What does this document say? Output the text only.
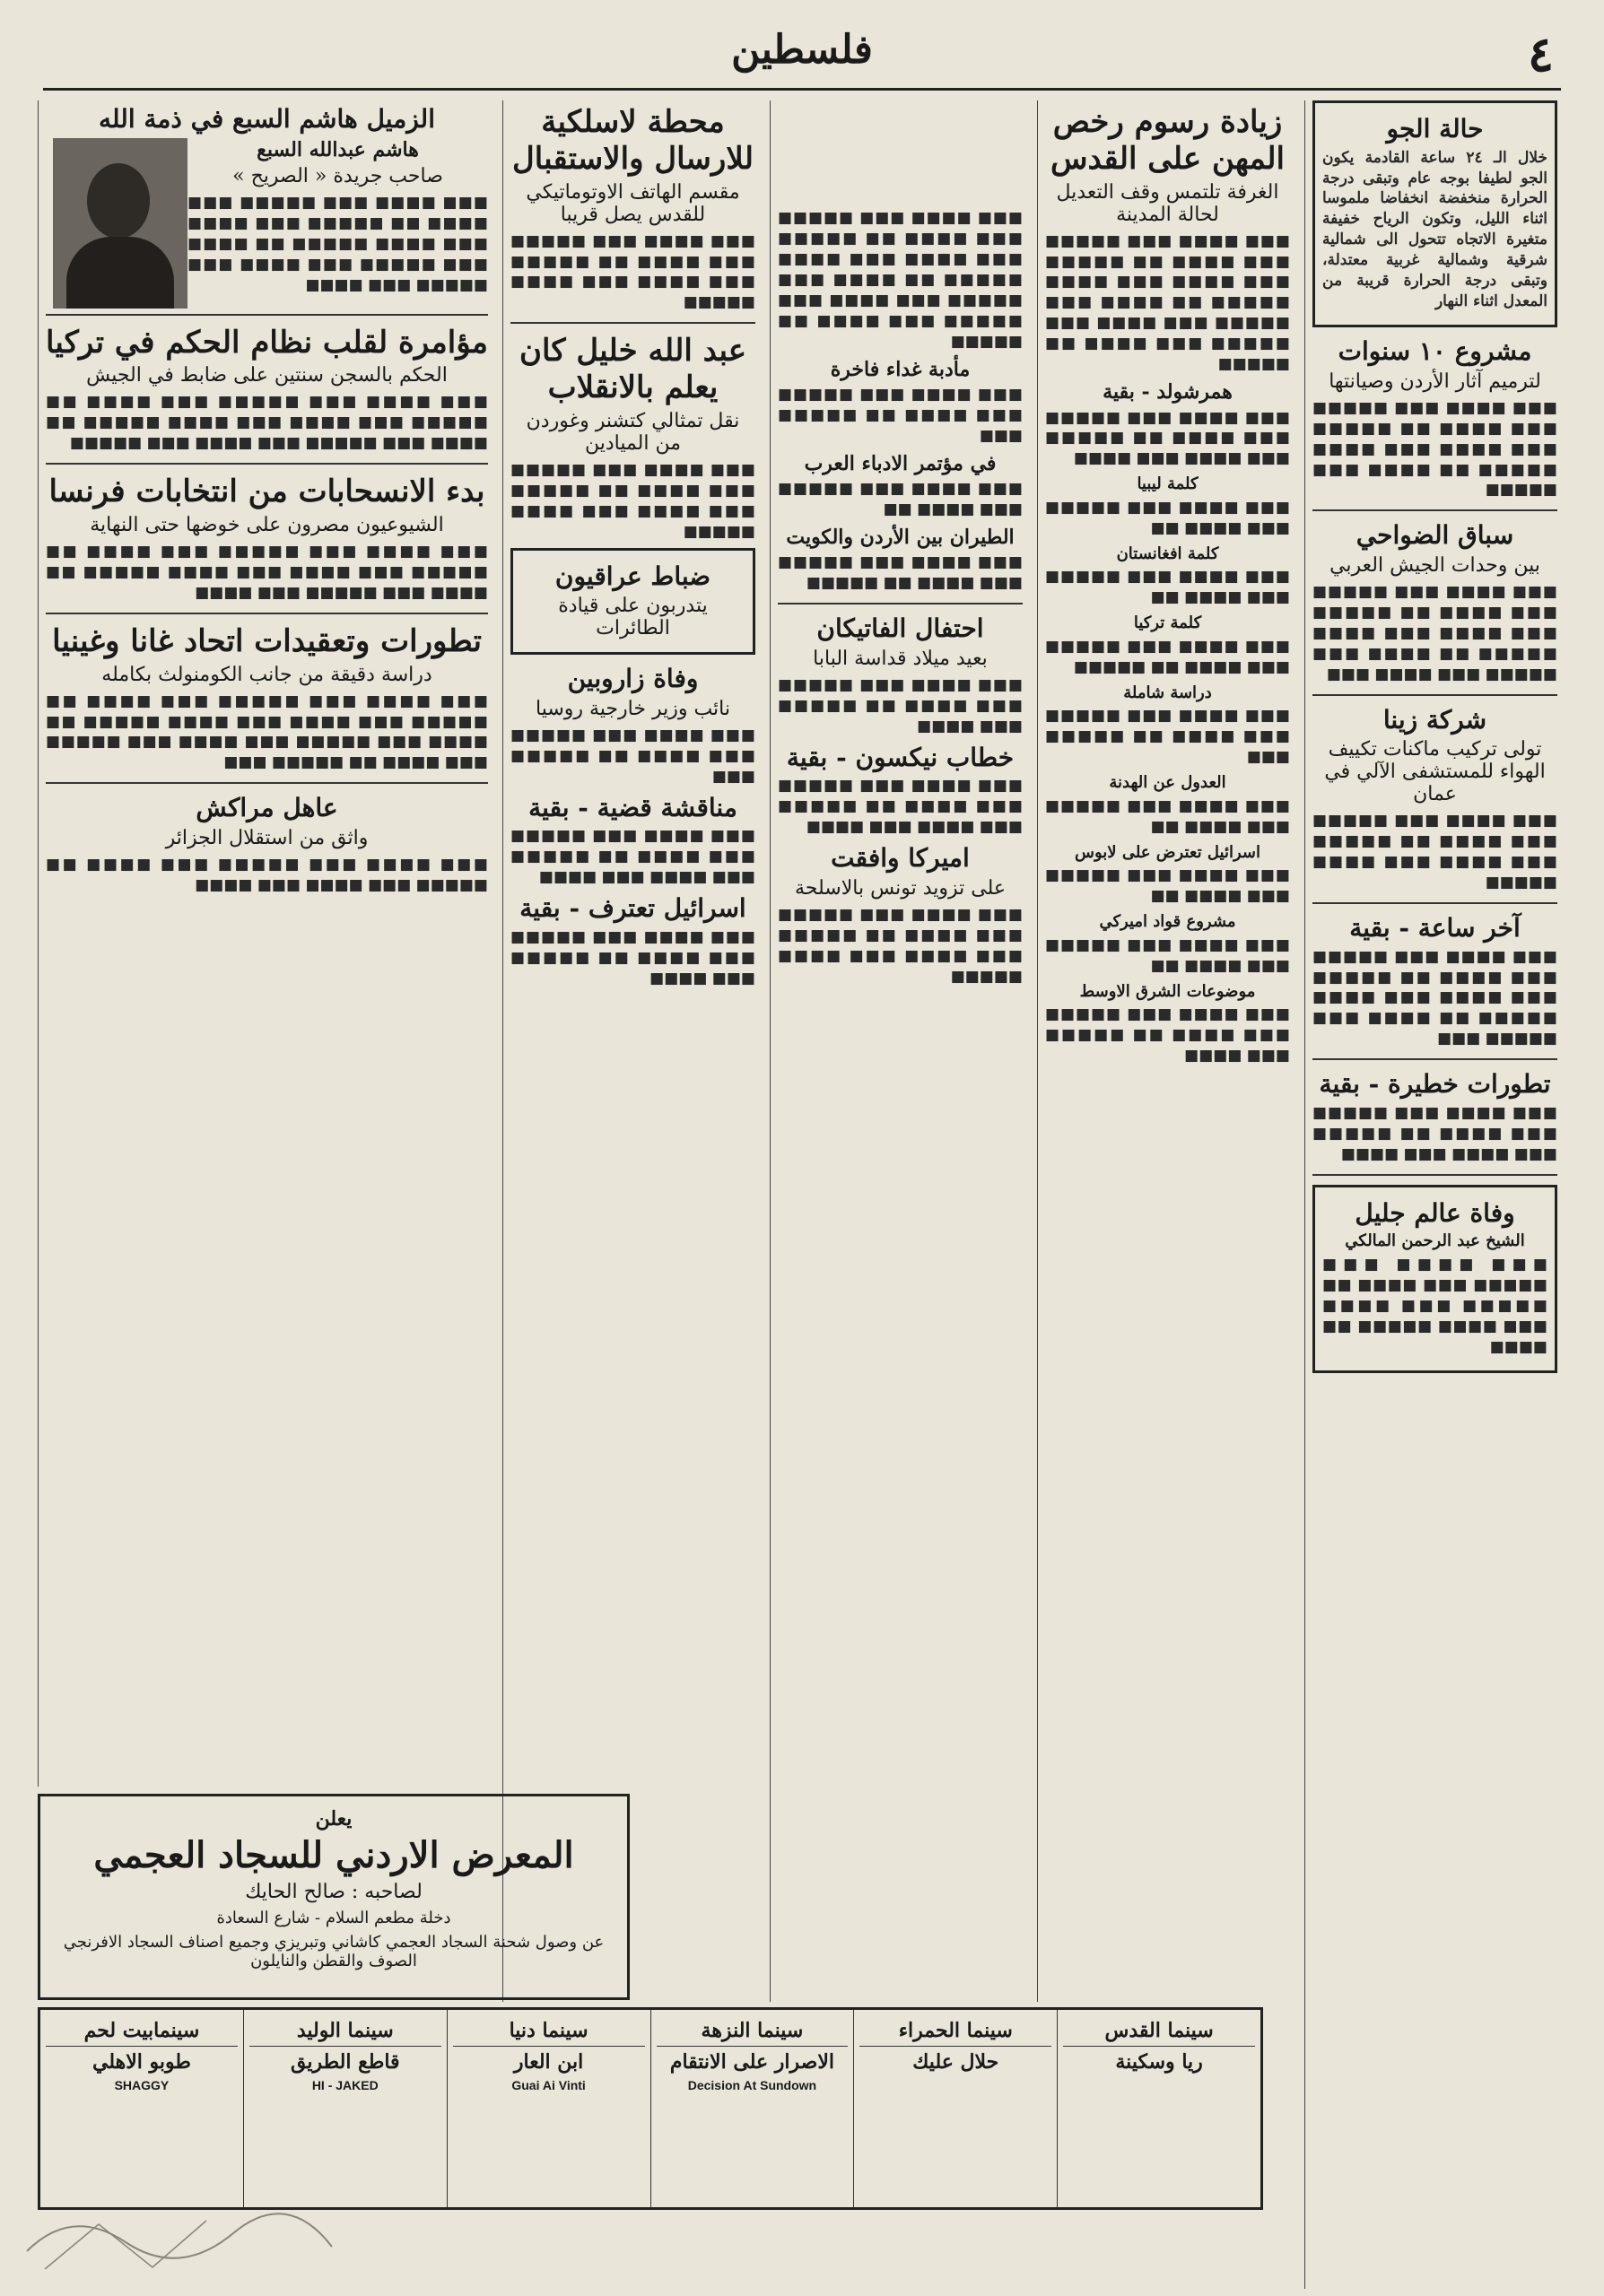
٤
فلسطين
حالة الجو

خلال الـ ٢٤ ساعة القادمة يكون الجو لطيفا بوجه عام وتبقى درجة الحرارة منخفضة انخفاضا ملموسا اثناء الليل، وتكون الرياح خفيفة متغيرة الاتجاه تتحول الى شمالية شرقية وشمالية غربية معتدلة، وتبقى درجة الحرارة قريبة من المعدل اثناء النهار

مشروع ١٠ سنوات
لترميم آثار الأردن وصيانتها

■■■ ■■■■ ■■■ ■■■■■ ■■■ ■■■■ ■■ ■■■■■ ■■■ ■■■■ ■■■ ■■■■ ■■■■■ ■■ ■■■■ ■■■ ■■■■■

سباق الضواحي
بين وحدات الجيش العربي

■■■ ■■■■ ■■■ ■■■■■ ■■■ ■■■■ ■■ ■■■■■ ■■■ ■■■■ ■■■ ■■■■ ■■■■■ ■■ ■■■■ ■■■ ■■■■■ ■■■ ■■■■ ■■■

شركة زينا
تولى تركيب ماكنات تكييف الهواء للمستشفى الآلي في عمان

■■■ ■■■■ ■■■ ■■■■■ ■■■ ■■■■ ■■ ■■■■■ ■■■ ■■■■ ■■■ ■■■■ ■■■■■

آخر ساعة - بقية

■■■ ■■■■ ■■■ ■■■■■ ■■■ ■■■■ ■■ ■■■■■ ■■■ ■■■■ ■■■ ■■■■ ■■■■■ ■■ ■■■■ ■■■ ■■■■■ ■■■

تطورات خطيرة - بقية

■■■ ■■■■ ■■■ ■■■■■ ■■■ ■■■■ ■■ ■■■■■ ■■■ ■■■■ ■■■ ■■■■

وفاة عالم جليل
الشيخ عبد الرحمن المالكي

■■■ ■■■■ ■■■ ■■■■■ ■■■ ■■■■ ■■ ■■■■■ ■■■ ■■■■ ■■■ ■■■■ ■■■■■ ■■ ■■■■

زيادة رسوم رخص المهن على القدس
الغرفة تلتمس وقف التعديل لحالة المدينة

■■■ ■■■■ ■■■ ■■■■■ ■■■ ■■■■ ■■ ■■■■■ ■■■ ■■■■ ■■■ ■■■■ ■■■■■ ■■ ■■■■ ■■■ ■■■■■ ■■■ ■■■■ ■■■ ■■■■■ ■■■ ■■■■ ■■ ■■■■■

همرشولد - بقية

■■■ ■■■■ ■■■ ■■■■■ ■■■ ■■■■ ■■ ■■■■■ ■■■ ■■■■ ■■■ ■■■■

كلمة ليبيا

■■■ ■■■■ ■■■ ■■■■■ ■■■ ■■■■ ■■

كلمة افغانستان

■■■ ■■■■ ■■■ ■■■■■ ■■■ ■■■■ ■■

كلمة تركيا

■■■ ■■■■ ■■■ ■■■■■ ■■■ ■■■■ ■■ ■■■■■

دراسة شاملة

■■■ ■■■■ ■■■ ■■■■■ ■■■ ■■■■ ■■ ■■■■■ ■■■

العدول عن الهدنة

■■■ ■■■■ ■■■ ■■■■■ ■■■ ■■■■ ■■

اسرائيل تعترض على لابوس

■■■ ■■■■ ■■■ ■■■■■ ■■■ ■■■■ ■■

مشروع قواد اميركي

■■■ ■■■■ ■■■ ■■■■■ ■■■ ■■■■ ■■

موضوعات الشرق الاوسط

■■■ ■■■■ ■■■ ■■■■■ ■■■ ■■■■ ■■ ■■■■■ ■■■ ■■■■

■■■ ■■■■ ■■■ ■■■■■ ■■■ ■■■■ ■■ ■■■■■ ■■■ ■■■■ ■■■ ■■■■ ■■■■■ ■■ ■■■■ ■■■ ■■■■■ ■■■ ■■■■ ■■■ ■■■■■ ■■■ ■■■■ ■■ ■■■■■

مأدبة غداء فاخرة

■■■ ■■■■ ■■■ ■■■■■ ■■■ ■■■■ ■■ ■■■■■ ■■■

في مؤتمر الادباء العرب

■■■ ■■■■ ■■■ ■■■■■ ■■■ ■■■■ ■■

الطيران بين الأردن والكويت

■■■ ■■■■ ■■■ ■■■■■ ■■■ ■■■■ ■■ ■■■■■

احتفال الفاتيكان
بعيد ميلاد قداسة البابا

■■■ ■■■■ ■■■ ■■■■■ ■■■ ■■■■ ■■ ■■■■■ ■■■ ■■■■

خطاب نيكسون - بقية

■■■ ■■■■ ■■■ ■■■■■ ■■■ ■■■■ ■■ ■■■■■ ■■■ ■■■■ ■■■ ■■■■

اميركا وافقت
على تزويد تونس بالاسلحة

■■■ ■■■■ ■■■ ■■■■■ ■■■ ■■■■ ■■ ■■■■■ ■■■ ■■■■ ■■■ ■■■■ ■■■■■

محطة لاسلكية للارسال والاستقبال
مقسم الهاتف الاوتوماتيكي للقدس يصل قريبا

■■■ ■■■■ ■■■ ■■■■■ ■■■ ■■■■ ■■ ■■■■■ ■■■ ■■■■ ■■■ ■■■■ ■■■■■

عبد الله خليل كان يعلم بالانقلاب
نقل تمثالي كتشنر وغوردن من الميادين

■■■ ■■■■ ■■■ ■■■■■ ■■■ ■■■■ ■■ ■■■■■ ■■■ ■■■■ ■■■ ■■■■ ■■■■■

ضباط عراقيون
يتدربون على قيادة الطائرات
وفاة زاروبين
نائب وزير خارجية روسيا

■■■ ■■■■ ■■■ ■■■■■ ■■■ ■■■■ ■■ ■■■■■ ■■■

مناقشة قضية - بقية

■■■ ■■■■ ■■■ ■■■■■ ■■■ ■■■■ ■■ ■■■■■ ■■■ ■■■■ ■■■ ■■■■

اسرائيل تعترف - بقية

■■■ ■■■■ ■■■ ■■■■■ ■■■ ■■■■ ■■ ■■■■■ ■■■ ■■■■

الزميل هاشم السبع في ذمة الله
هاشم عبدالله السبع
صاحب جريدة « الصريح »

■■■ ■■■■ ■■■ ■■■■■ ■■■ ■■■■ ■■ ■■■■■ ■■■ ■■■■ ■■■ ■■■■ ■■■■■ ■■ ■■■■ ■■■ ■■■■■ ■■■ ■■■■ ■■■ ■■■■■ ■■■ ■■■■

مؤامرة لقلب نظام الحكم في تركيا
الحكم بالسجن سنتين على ضابط في الجيش

■■■ ■■■■ ■■■ ■■■■■ ■■■ ■■■■ ■■ ■■■■■ ■■■ ■■■■ ■■■ ■■■■ ■■■■■ ■■ ■■■■ ■■■ ■■■■■ ■■■ ■■■■ ■■■ ■■■■■

بدء الانسحابات من انتخابات فرنسا
الشيوعيون مصرون على خوضها حتى النهاية

■■■ ■■■■ ■■■ ■■■■■ ■■■ ■■■■ ■■ ■■■■■ ■■■ ■■■■ ■■■ ■■■■ ■■■■■ ■■ ■■■■ ■■■ ■■■■■ ■■■ ■■■■

تطورات وتعقيدات اتحاد غانا وغينيا
دراسة دقيقة من جانب الكومنولث بكامله

■■■ ■■■■ ■■■ ■■■■■ ■■■ ■■■■ ■■ ■■■■■ ■■■ ■■■■ ■■■ ■■■■ ■■■■■ ■■ ■■■■ ■■■ ■■■■■ ■■■ ■■■■ ■■■ ■■■■■ ■■■ ■■■■ ■■ ■■■■■ ■■■

عاهل مراكش
واثق من استقلال الجزائر

■■■ ■■■■ ■■■ ■■■■■ ■■■ ■■■■ ■■ ■■■■■ ■■■ ■■■■ ■■■ ■■■■

يعلن
المعرض الاردني للسجاد العجمي
لصاحبه : صالح الحايك
دخلة مطعم السلام - شارع السعادة
عن وصول شحنة السجاد العجمي كاشاني وتبريزي وجميع اصناف السجاد الافرنجي الصوف والقطن والنايلون
سينما القدس
ريا وسكينة
سينما الحمراء
حلال عليك
سينما النزهة
الاصرار على الانتقام
Decision At Sundown
سينما دنيا
ابن العار
Guai Ai Vinti
سينما الوليد
قاطع الطريق
HI - JAKED
سينمابيت لحم
طوبو الاهلي
SHAGGY
